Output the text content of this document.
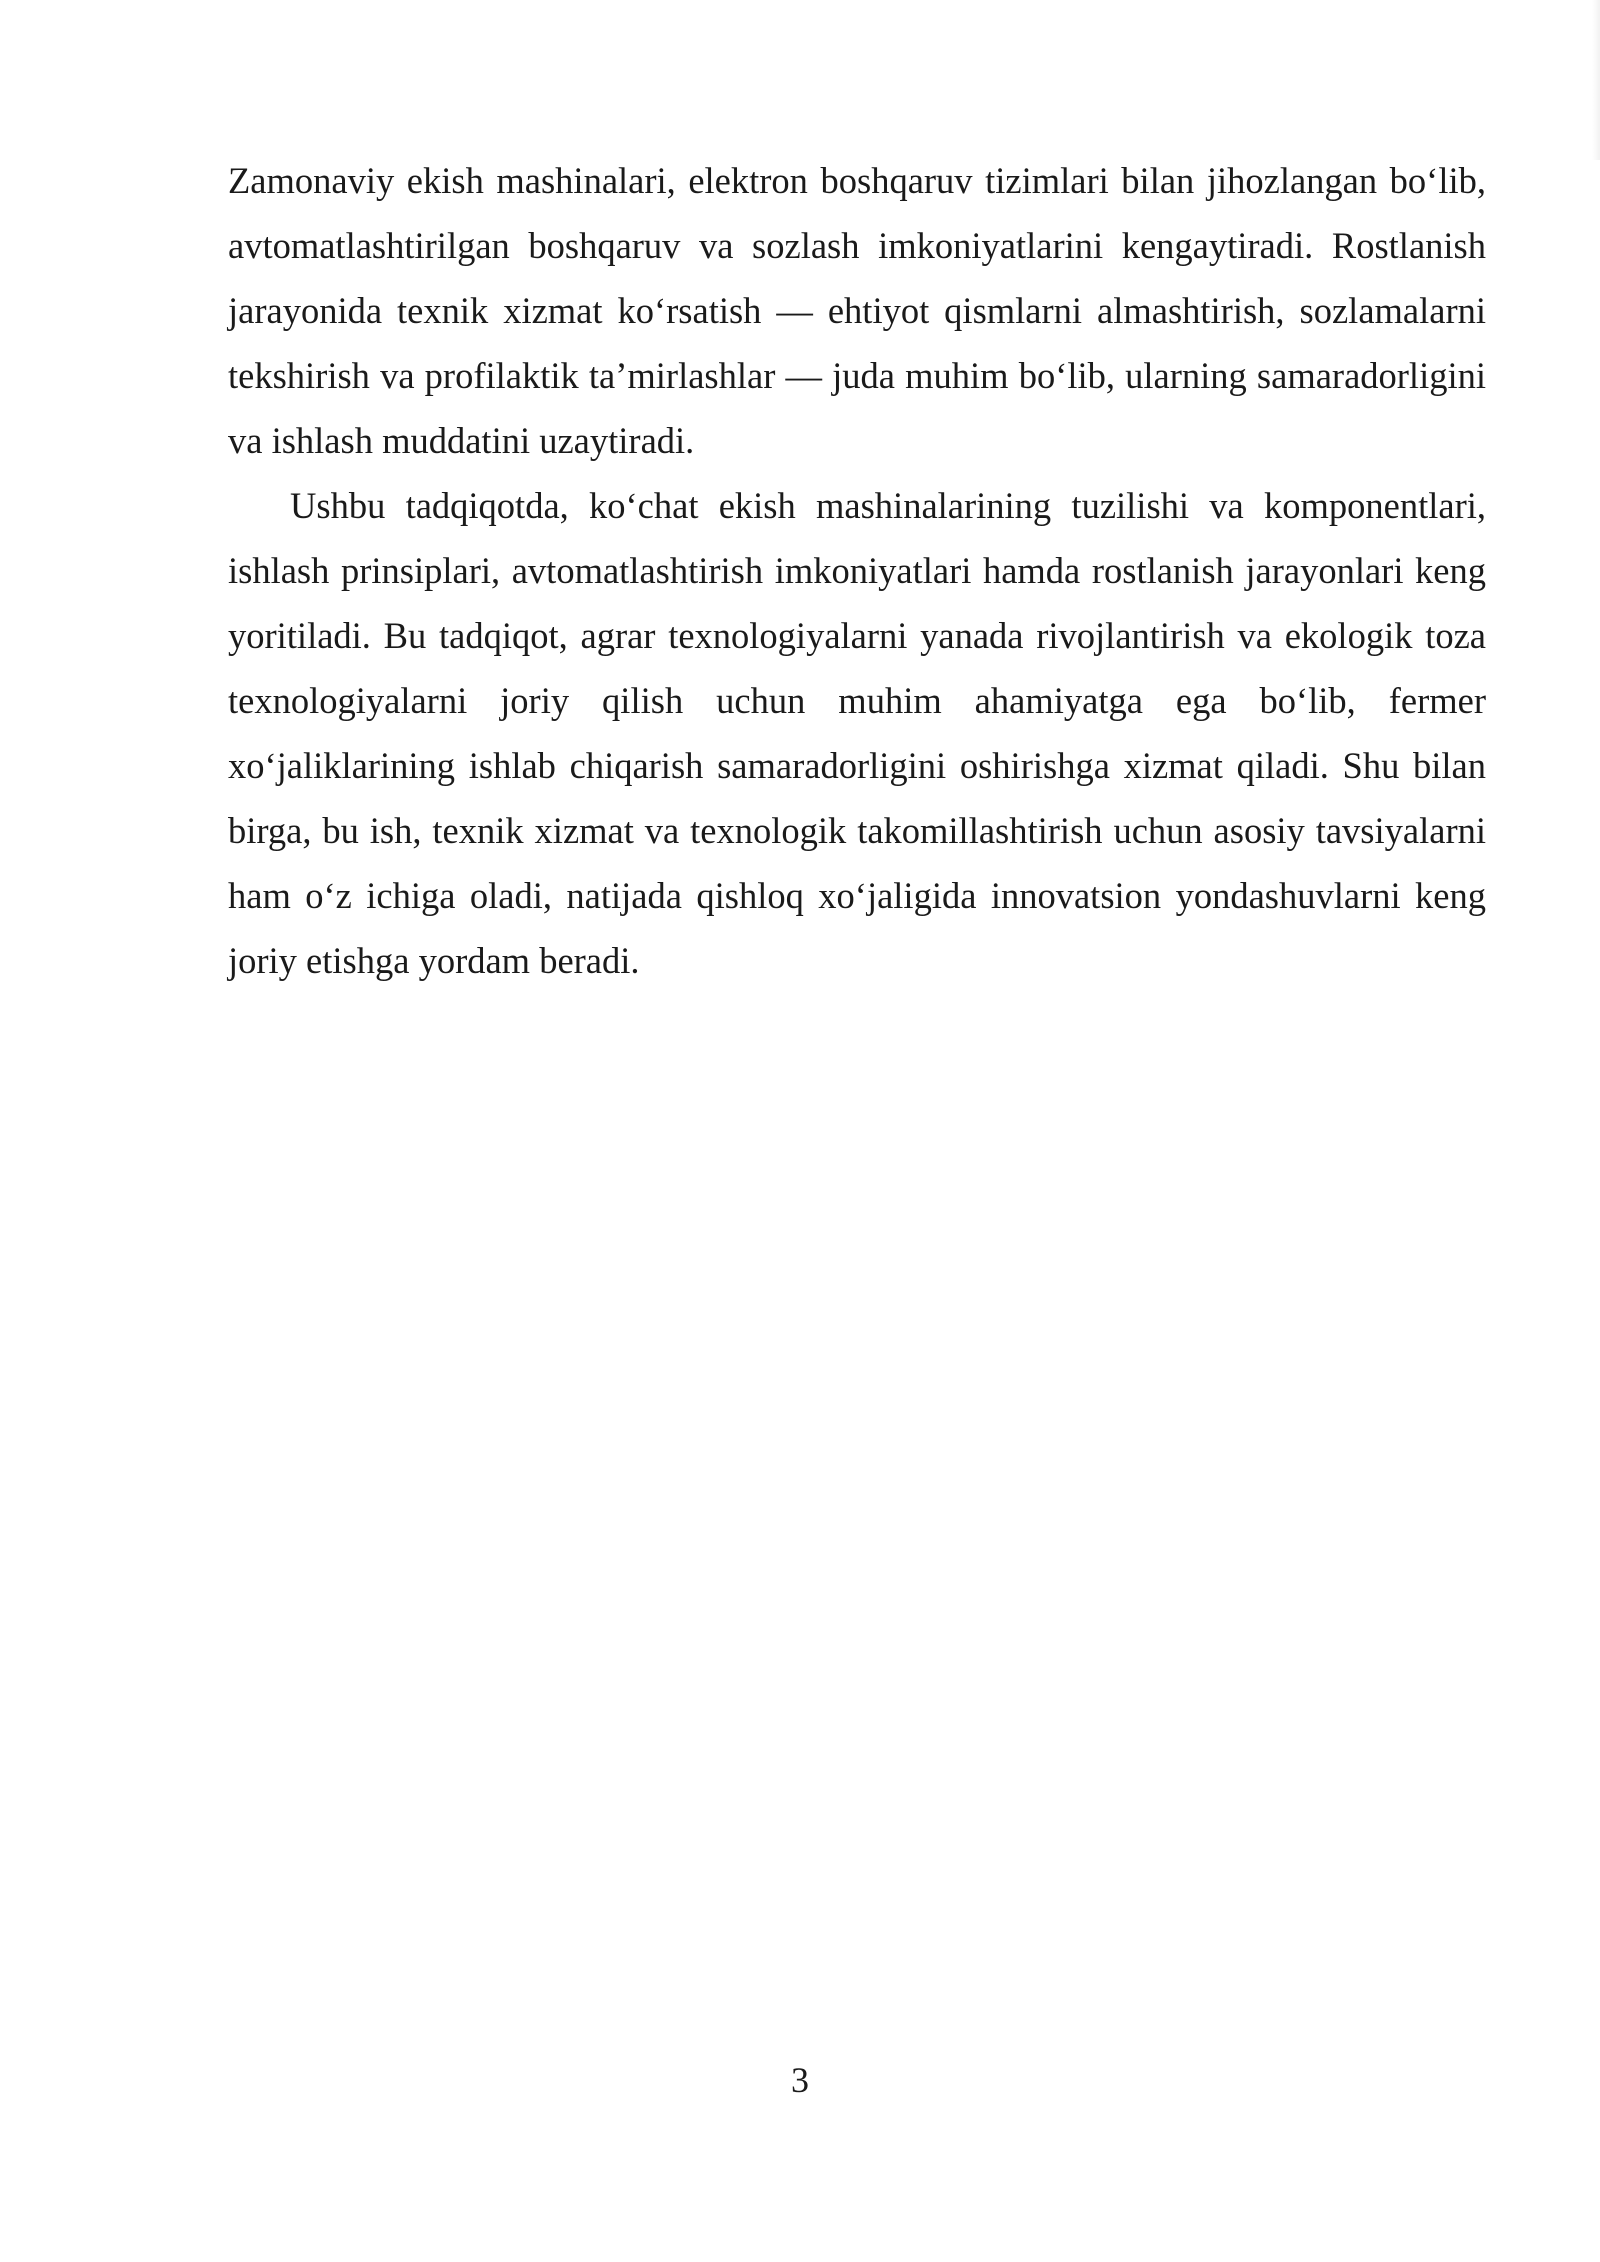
Zamonaviy ekish mashinalari, elektron boshqaruv tizimlari bilan jihozlangan bo‘lib, avtomatlashtirilgan boshqaruv va sozlash imkoniyatlarini kengaytiradi. Rostlanish jarayonida texnik xizmat ko‘rsatish — ehtiyot qismlarni almashtirish, sozlamalarni tekshirish va profilaktik ta’mirlashlar — juda muhim bo‘lib, ularning samaradorligini va ishlash muddatini uzaytiradi.

Ushbu tadqiqotda, ko‘chat ekish mashinalarining tuzilishi va komponentlari, ishlash prinsiplari, avtomatlashtirish imkoniyatlari hamda rostlanish jarayonlari keng yoritiladi. Bu tadqiqot, agrar texnologiyalarni yanada rivojlantirish va ekologik toza texnologiyalarni joriy qilish uchun muhim ahamiyatga ega bo‘lib, fermer xo‘jaliklarining ishlab chiqarish samaradorligini oshirishga xizmat qiladi. Shu bilan birga, bu ish, texnik xizmat va texnologik takomillashtirish uchun asosiy tavsiyalarni ham o‘z ichiga oladi, natijada qishloq xo‘jaligida innovatsion yondashuvlarni keng joriy etishga yordam beradi.

3
